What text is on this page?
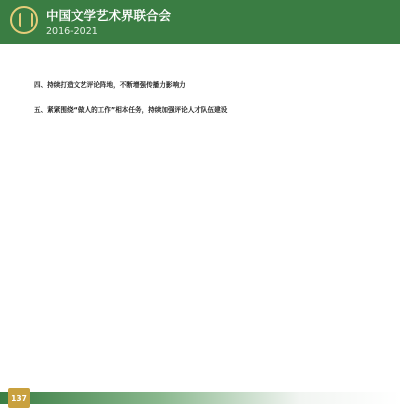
中国文学艺术界联合会
2016-2021

四、持续打造文艺评论阵地，不断增强传播力影响力

五、紧紧围绕“做人的工作”相本任务，持续加强评论人才队伍建设

137
